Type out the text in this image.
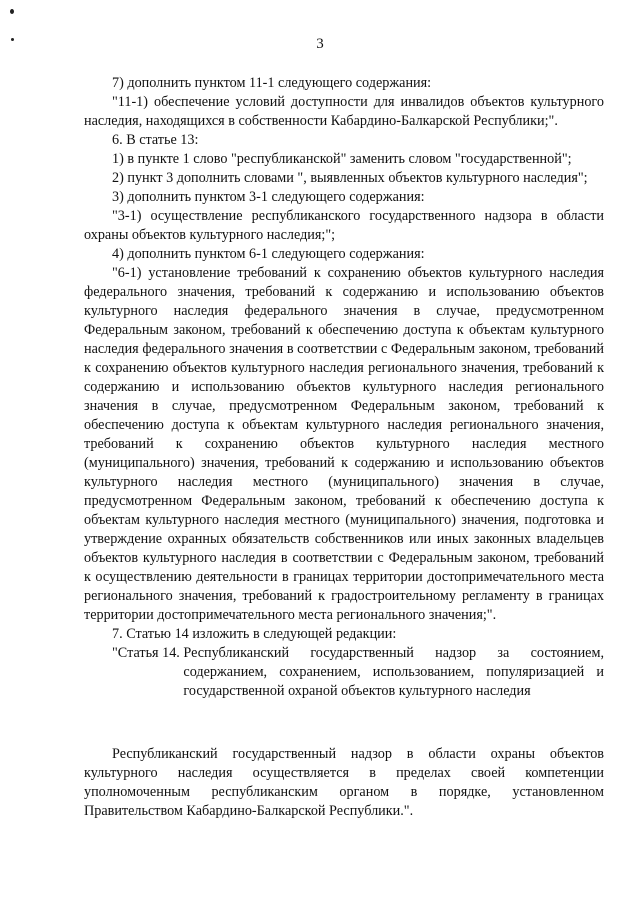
3

7) дополнить пунктом 11-1 следующего содержания:

"11-1) обеспечение условий доступности для инвалидов объектов культурного наследия, находящихся в собственности Кабардино-Балкарской Республики;".

6. В статье 13:

1) в пункте 1 слово "республиканской" заменить словом "государственной";

2) пункт 3 дополнить словами ", выявленных объектов культурного наследия";

3) дополнить пунктом 3-1 следующего содержания:

"3-1) осуществление республиканского государственного надзора в области охраны объектов культурного наследия;";

4) дополнить пунктом 6-1 следующего содержания:

"6-1) установление требований к сохранению объектов культурного наследия федерального значения, требований к содержанию и использованию объектов культурного наследия федерального значения в случае, предусмотренном Федеральным законом, требований к обеспечению доступа к объектам культурного наследия федерального значения в соответствии с Федеральным законом, требований к сохранению объектов культурного наследия регионального значения, требований к содержанию и использованию объектов культурного наследия регионального значения в случае, предусмотренном Федеральным законом, требований к обеспечению доступа к объектам культурного наследия регионального значения, требований к сохранению объектов культурного наследия местного (муниципального) значения, требований к содержанию и использованию объектов культурного наследия местного (муниципального) значения в случае, предусмотренном Федеральным законом, требований к обеспечению доступа к объектам культурного наследия местного (муниципального) значения, подготовка и утверждение охранных обязательств собственников или иных законных владельцев объектов культурного наследия в соответствии с Федеральным законом, требований к осуществлению деятельности в границах территории достопримечательного места регионального значения, требований к градостроительному регламенту в границах территории достопримечательного места регионального значения;".

7. Статью 14 изложить в следующей редакции:

"Статья 14. Республиканский государственный надзор за состоянием, содержанием, сохранением, использованием, популяризацией и государственной охраной объектов культурного наследия

Республиканский государственный надзор в области охраны объектов культурного наследия осуществляется в пределах своей компетенции уполномоченным республиканским органом в порядке, установленном Правительством Кабардино-Балкарской Республики.".
